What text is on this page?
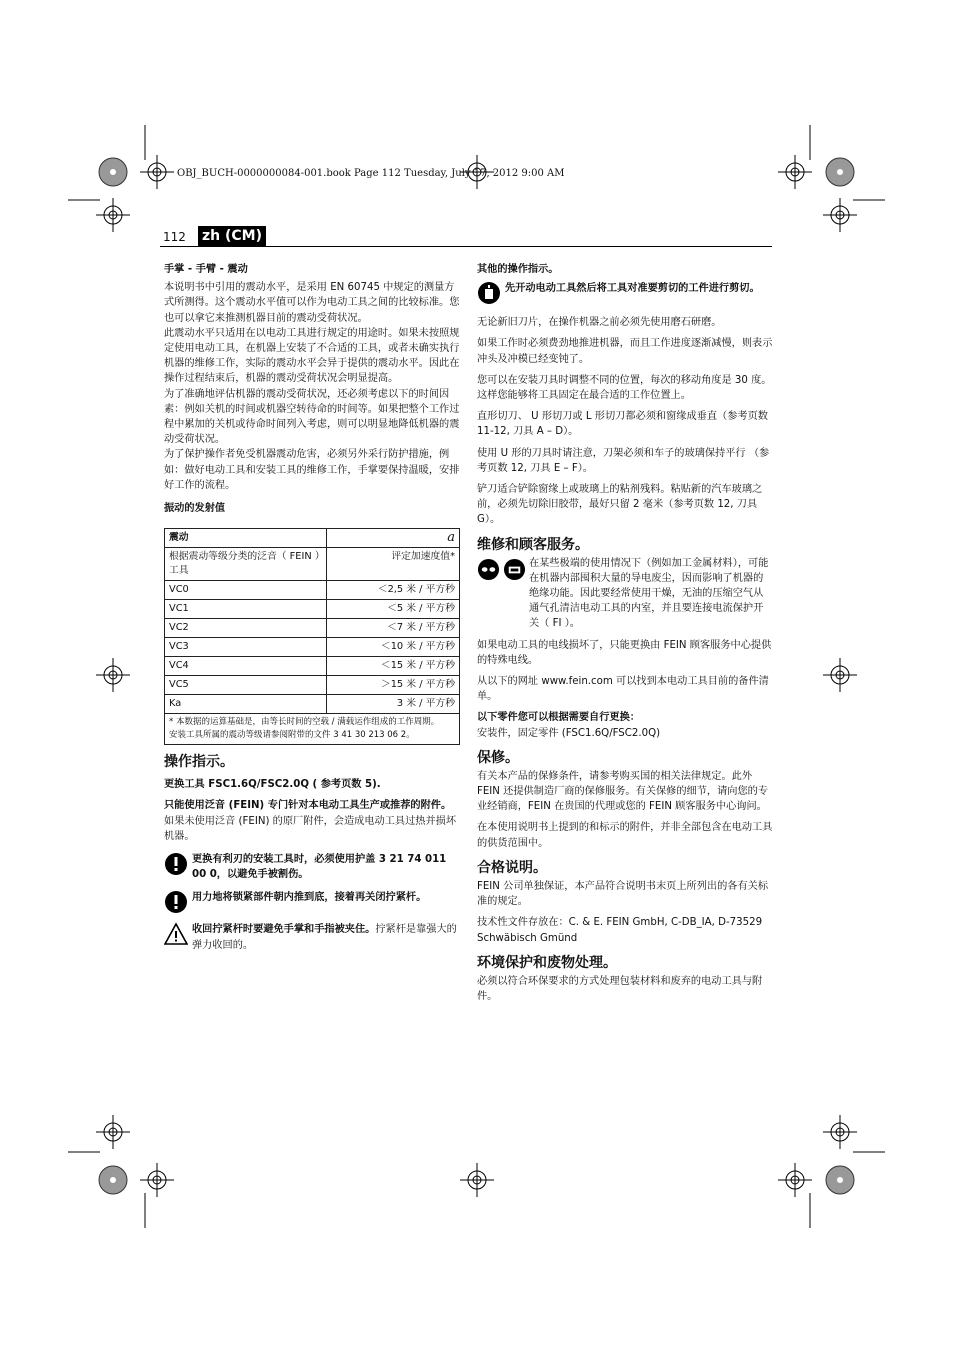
OBJ_BUCH-0000000084-001.book Page 112 Tuesday, July 17, 2012 9:00 AM
112 zh (CM)
手掌 - 手臂 - 震动
本说明书中引用的震动水平，是采用 EN 60745 中规定的测量方式所测得。这个震动水平值可以作为电动工具之间的比较标准。您也可以拿它来推测机器目前的震动受荷状况。
此震动水平只适用在以电动工具进行规定的用途时。如果未按照规定使用电动工具，在机器上安装了不合适的工具，或者未确实执行机器的维修工作，实际的震动水平会异于提供的震动水平。因此在操作过程结束后，机器的震动受荷状况会明显提高。
为了准确地评估机器的震动受荷状况，还必须考虑以下的时间因素：例如关机的时间或机器空转待命的时间等。如果把整个工作过程中累加的关机或待命时间列入考虑，则可以明显地降低机器的震动受荷状况。
为了保护操作者免受机器震动危害，必须另外采行防护措施，例如：做好电动工具和安装工具的维修工作，手掌要保持温暖，安排好工作的流程。
振动的发射值
震动	a
根据震动等级分类的泛音（ FEIN ）工具	评定加速度值*
VC0	＜2,5 米 / 平方秒
VC1	＜5 米 / 平方秒
VC2	＜7 米 / 平方秒
VC3	＜10 米 / 平方秒
VC4	＜15 米 / 平方秒
VC5	＞15 米 / 平方秒
Ka	3 米 / 平方秒

* 本数据的运算基础是，由等长时间的空载 / 满载运作组成的工作周期。
安装工具所属的震动等级请参阅附带的文件 3 41 30 213 06 2。	
操作指示。
更换工具 FSC1.6Q/FSC2.0Q ( 参考页数 5).
只能使用泛音 (FEIN) 专门针对本电动工具生产或推荐的附件。如果未使用泛音 (FEIN) 的原厂附件，会造成电动工具过热并损坏机器。
更换有利刃的安装工具时，必须使用护盖 3 21 74 011 00 0，以避免手被割伤。
用力地将锁紧部件朝内推到底，接着再关闭拧紧杆。
收回拧紧杆时要避免手掌和手指被夹住。拧紧杆是靠强大的弹力收回的。
其他的操作指示。
先开动电动工具然后将工具对准要剪切的工件进行剪切。

无论新旧刀片，在操作机器之前必须先使用磨石研磨。

如果工作时必须费劲地推进机器，而且工作进度逐渐减慢，则表示冲头及冲模已经变钝了。

您可以在安装刀具时调整不同的位置，每次的移动角度是 30 度。这样您能够将工具固定在最合适的工作位置上。

直形切刀、 U 形切刀或 L 形切刀都必须和窗缘成垂直（参考页数 11-12, 刀具 A – D）。

使用 U 形的刀具时请注意，刀架必须和车子的玻璃保持平行 （参考页数 12, 刀具 E – F）。

铲刀适合铲除窗缘上或玻璃上的粘剂残料。粘贴新的汽车玻璃之前，必须先切除旧胶带，最好只留 2 毫米（参考页数 12, 刀具 G）。

维修和顾客服务。
在某些极端的使用情况下（例如加工金属材料），可能在机器内部囤积大量的导电废尘，因而影响了机器的绝缘功能。因此要经常使用干燥，无油的压缩空气从通气孔清洁电动工具的内室，并且要连接电流保护开关（ FI ）。

如果电动工具的电线损坏了，只能更换由 FEIN 顾客服务中心提供的特殊电线。

从以下的网址 www.fein.com 可以找到本电动工具目前的备件清单。

以下零件您可以根据需要自行更换：

安装件，固定零件 (FSC1.6Q/FSC2.0Q)

保修。

有关本产品的保修条件，请参考购买国的相关法律规定。此外 FEIN 还提供制造厂商的保修服务。有关保修的细节，请向您的专业经销商，FEIN 在贵国的代理或您的 FEIN 顾客服务中心询问。

在本使用说明书上提到的和标示的附件，并非全部包含在电动工具的供货范围中。

合格说明。

FEIN 公司单独保证，本产品符合说明书末页上所列出的各有关标准的规定。

技术性文件存放在：C. & E. FEIN GmbH, C-DB_IA, D-73529 Schwäbisch Gmünd

环境保护和废物处理。

必须以符合环保要求的方式处理包装材料和废弃的电动工具与附件。
